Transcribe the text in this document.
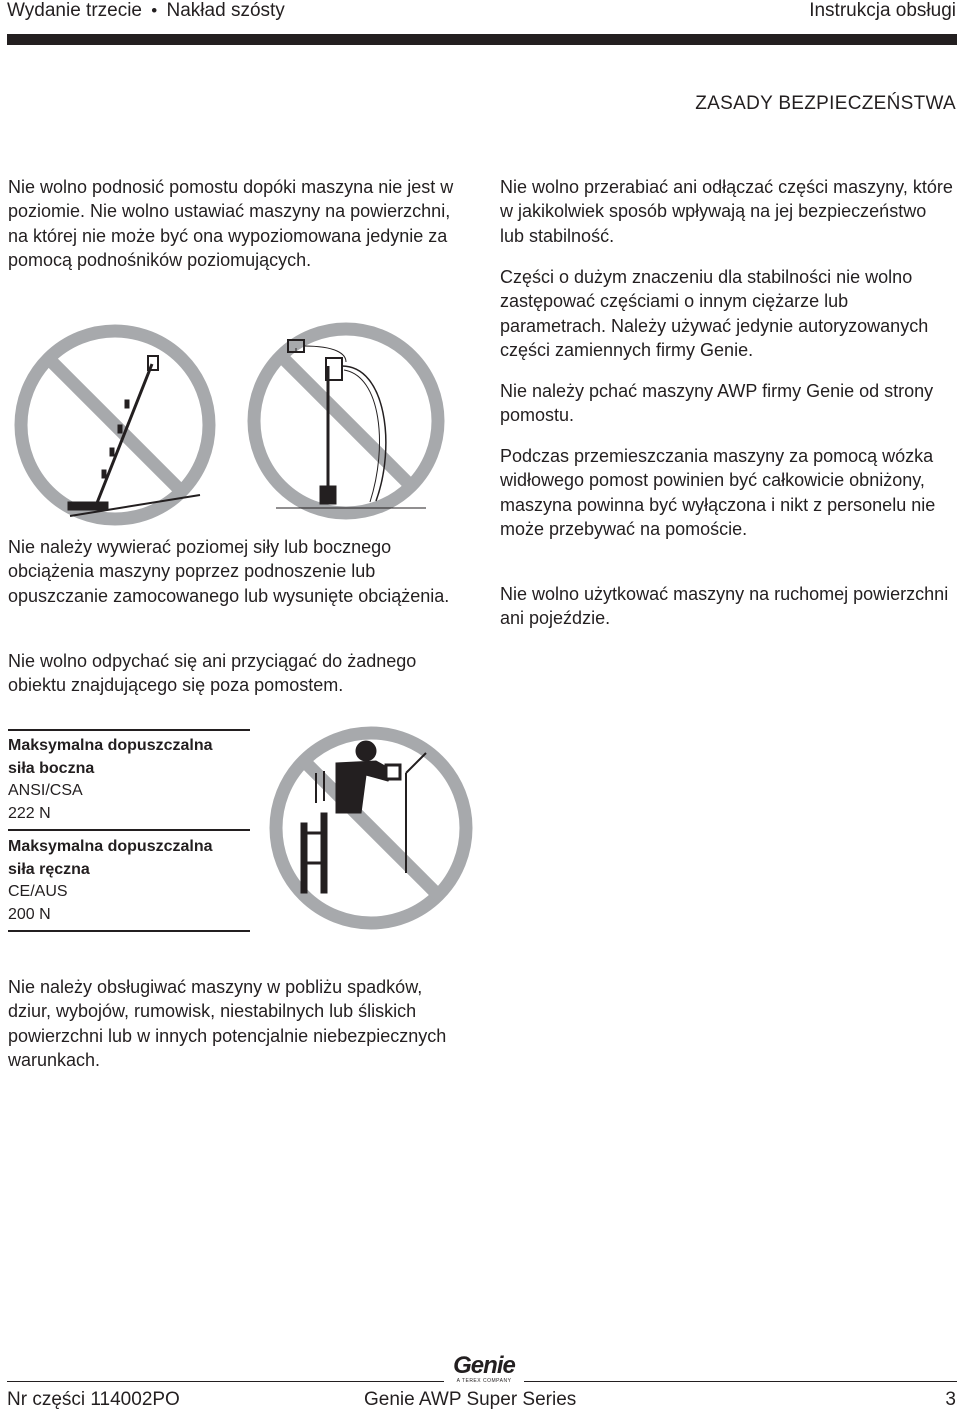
Wydanie trzecie • Nakład szósty	Instrukcja obsługi
ZASADY BEZPIECZEŃSTWA

Nie wolno podnosić pomostu dopóki maszyna nie jest w poziomie. Nie wolno ustawiać maszyny na powierzchni, na której nie może być ona wypoziomowana jedynie za pomocą podnośników poziomujących.

Nie należy wywierać poziomej siły lub bocznego obciążenia maszyny poprzez podnoszenie lub opuszczanie zamocowanego lub wysunięte obciążenia.

Nie wolno odpychać się ani przyciągać do żadnego obiektu znajdującego się poza pomostem.

Maksymalna dopuszczalna
siła boczna
ANSI/CSA
222 N
Maksymalna dopuszczalna
siła ręczna
CE/AUS
200 N

Nie należy obsługiwać maszyny w pobliżu spadków, dziur, wybojów, rumowisk, niestabilnych lub śliskich powierzchni lub w innych potencjalnie niebezpiecznych warunkach.

Nie wolno przerabiać ani odłączać części maszyny, które w jakikolwiek sposób wpływają na jej bezpieczeństwo lub stabilność.

Części o dużym znaczeniu dla stabilności nie wolno zastępować częściami o innym ciężarze lub parametrach. Należy używać jedynie autoryzowanych części zamiennych firmy Genie.

Nie należy pchać maszyny AWP firmy Genie od strony pomostu.

Podczas przemieszczania maszyny za pomocą wózka widłowego pomost powinien być całkowicie obniżony, maszyna powinna być wyłączona i nikt z personelu nie może przebywać na pomoście.

Nie wolno użytkować maszyny na ruchomej powierzchni ani pojeździe.

Genie
A TEREX COMPANY
Nr części 114002PO	Genie AWP Super Series	3
